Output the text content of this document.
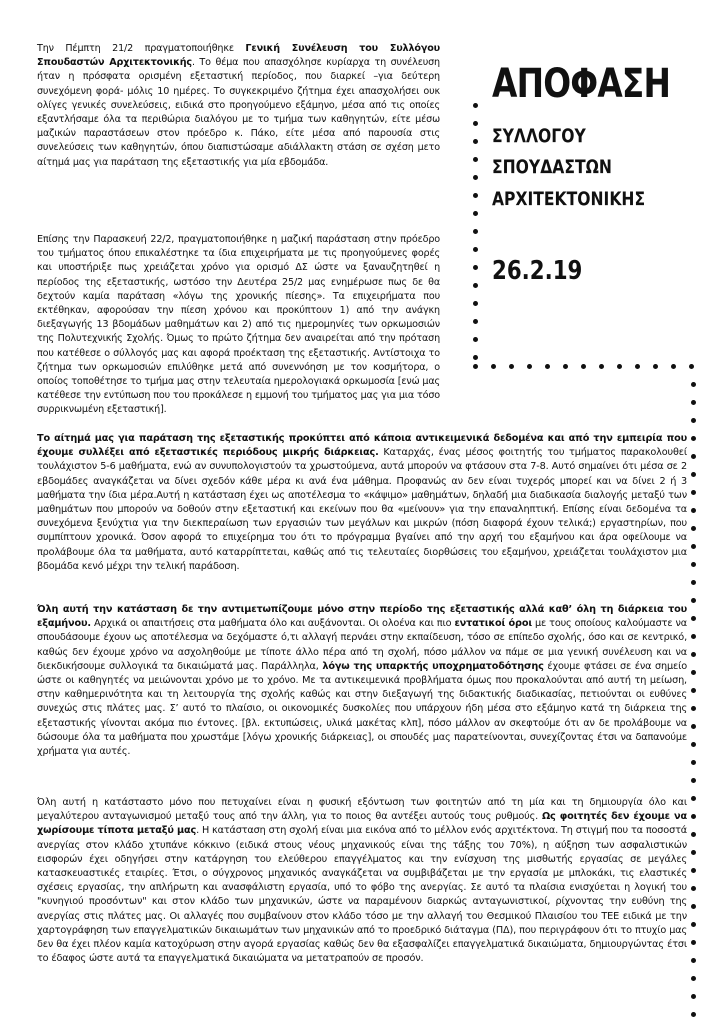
Την Πέμπτη 21/2 πραγματοποιήθηκε Γενική Συνέλευση του Συλλόγου Σπουδαστών Αρχιτεκτονικής. Το θέμα που απασχόλησε κυρίαρχα τη συνέλευση ήταν η πρόσφατα ορισμένη εξεταστική περίοδος, που διαρκεί –για δεύτερη συνεχόμενη φορά- μόλις 10 ημέρες. Το συγκεκριμένο ζήτημα έχει απασχολήσει ουκ ολίγες γενικές συνελεύσεις, ειδικά στο προηγούμενο εξάμηνο, μέσα από τις οποίες εξαντλήσαμε όλα τα περιθώρια διαλόγου με το τμήμα των καθηγητών, είτε μέσω μαζικών παραστάσεων στον πρόεδρο κ. Πάκο, είτε μέσα από παρουσία στις συνελεύσεις των καθηγητών, όπου διαπιστώσαμε αδιάλλακτη στάση σε σχέση μετο αίτημά μας για παράταση της εξεταστικής για μία εβδομάδα.

Επίσης την Παρασκευή 22/2, πραγματοποιήθηκε η μαζική παράσταση στην πρόεδρο του τμήματος όπου επικαλέστηκε τα ίδια επιχειρήματα με τις προηγούμενες φορές και υποστήριξε πως χρειάζεται χρόνο για ορισμό ΔΣ ώστε να ξαναυζητηθεί η περίοδος της εξεταστικής, ωστόσο την Δευτέρα 25/2 μας ενημέρωσε πως δε θα δεχτούν καμία παράταση «λόγω της χρονικής πίεσης». Τα επιχειρήματα που εκτέθηκαν, αφορούσαν την πίεση χρόνου και προκύπτουν 1) από την ανάγκη διεξαγωγής 13 βδομάδων μαθημάτων και 2) από τις ημερομηνίες των ορκωμοσιών της Πολυτεχνικής Σχολής. Όμως το πρώτο ζήτημα δεν αναιρείται από την πρόταση που κατέθεσε ο σύλλογός μας και αφορά προέκταση της εξεταστικής. Αντίστοιχα το ζήτημα των ορκωμοσιών επιλύθηκε μετά από συνεννόηση με τον κοσμήτορα, ο οποίος τοποθέτησε το τμήμα μας στην τελευταία ημερολογιακά ορκωμοσία [ενώ μας κατέθεσε την εντύπωση που του προκάλεσε η εμμονή του τμήματος μας για μια τόσο συρρικνωμένη εξεταστική].

ΑΠΟΦΑΣΗ
ΣΥΛΛΟΓΟΥ
ΣΠΟΥΔΑΣΤΩΝ
ΑΡΧΙΤΕΚΤΟΝΙΚΗΣ
26.2.19

Το αίτημά μας για παράταση της εξεταστικής προκύπτει από κάποια αντικειμενικά δεδομένα και από την εμπειρία που έχουμε συλλέξει από εξεταστικές περιόδους μικρής διάρκειας. Καταρχάς, ένας μέσος φοιτητής του τμήματος παρακολουθεί τουλάχιστον 5-6 μαθήματα, ενώ αν συνυπολογιστούν τα χρωστούμενα, αυτά μπορούν να φτάσουν στα 7-8. Αυτό σημαίνει ότι μέσα σε 2 εβδομάδες αναγκάζεται να δίνει σχεδόν κάθε μέρα κι ανά ένα μάθημα. Προφανώς αν δεν είναι τυχερός μπορεί και να δίνει 2 ή 3 μαθήματα την ίδια μέρα.Αυτή η κατάσταση έχει ως αποτέλεσμα το «κάψιμο» μαθημάτων, δηλαδή μια διαδικασία διαλογής μεταξύ των μαθημάτων που μπορούν να δοθούν στην εξεταστική και εκείνων που θα «μείνουν» για την επαναληπτική. Επίσης είναι δεδομένα τα συνεχόμενα ξενύχτια για την διεκπεραίωση των εργασιών των μεγάλων και μικρών (πόση διαφορά έχουν τελικά;) εργαστηρίων, που συμπίπτουν χρονικά. Όσον αφορά το επιχείρημα του ότι το πρόγραμμα βγαίνει από την αρχή του εξαμήνου και άρα οφείλουμε να προλάβουμε όλα τα μαθήματα, αυτό καταρρίπτεται, καθώς από τις τελευταίες διορθώσεις του εξαμήνου, χρειάζεται τουλάχιστον μια βδομάδα κενό μέχρι την τελική παράδοση.

Όλη αυτή την κατάσταση δε την αντιμετωπίζουμε μόνο στην περίοδο της εξεταστικής αλλά καθ’ όλη τη διάρκεια του εξαμήνου. Αρχικά οι απαιτήσεις στα μαθήματα όλο και αυξάνονται. Οι ολοένα και πιο εντατικοί όροι με τους οποίους καλούμαστε να σπουδάσουμε έχουν ως αποτέλεσμα να δεχόμαστε ό,τι αλλαγή περνάει στην εκπαίδευση, τόσο σε επίπεδο σχολής, όσο και σε κεντρικό, καθώς δεν έχουμε χρόνο να ασχοληθούμε με τίποτε άλλο πέρα από τη σχολή, πόσο μάλλον να πάμε σε μια γενική συνέλευση και να διεκδικήσουμε συλλογικά τα δικαιώματά μας. Παράλληλα, λόγω της υπαρκτής υποχρηματοδότησης έχουμε φτάσει σε ένα σημείο ώστε οι καθηγητές να μειώνονται χρόνο με το χρόνο. Με τα αντικειμενικά προβλήματα όμως που προκαλούνται από αυτή τη μείωση, στην καθημερινότητα και τη λειτουργία της σχολής καθώς και στην διεξαγωγή της διδακτικής διαδικασίας, πετιούνται οι ευθύνες συνεχώς στις πλάτες μας. Σ’ αυτό το πλαίσιο, οι οικονομικές δυσκολίες που υπάρχουν ήδη μέσα στο εξάμηνο κατά τη διάρκεια της εξεταστικής γίνονται ακόμα πιο έντονες. [βλ. εκτυπώσεις, υλικά μακέτας κλπ], πόσο μάλλον αν σκεφτούμε ότι αν δε προλάβουμε να δώσουμε όλα τα μαθήματα που χρωστάμε [λόγω χρονικής διάρκειας], οι σπουδές μας παρατείνονται, συνεχίζοντας έτσι να δαπανούμε χρήματα για αυτές.

Όλη αυτή η κατάσταστο μόνο που πετυχαίνει είναι η φυσική εξόντωση των φοιτητών από τη μία και τη δημιουργία όλο και μεγαλύτερου ανταγωνισμού μεταξύ τους από την άλλη, για το ποιος θα αντέξει αυτούς τους ρυθμούς. Ως φοιτητές δεν έχουμε να χωρίσουμε τίποτα μεταξύ μας. Η κατάσταση στη σχολή είναι μια εικόνα από το μέλλον ενός αρχιτέκτονα. Τη στιγμή που τα ποσοστά ανεργίας στον κλάδο χτυπάνε κόκκινο (ειδικά στους νέους μηχανικούς είναι της τάξης του 70%), η αύξηση των ασφαλιστικών εισφορών έχει οδηγήσει στην κατάργηση του ελεύθερου επαγγέλματος και την ενίσχυση της μισθωτής εργασίας σε μεγάλες κατασκευαστικές εταιρίες. Έτσι, ο σύγχρονος μηχανικός αναγκάζεται να συμβιβάζεται με την εργασία με μπλοκάκι, τις ελαστικές σχέσεις εργασίας, την απλήρωτη και ανασφάλιστη εργασία, υπό το φόβο της ανεργίας. Σε αυτό τα πλαίσια ενισχύεται η λογική του "κυνηγιού προσόντων" και στον κλάδο των μηχανικών, ώστε να παραμένουν διαρκώς ανταγωνιστικοί, ρίχνοντας την ευθύνη της ανεργίας στις πλάτες μας. Οι αλλαγές που συμβαίνουν στον κλάδο τόσο με την αλλαγή του Θεσμικού Πλαισίου του ΤΕΕ ειδικά με την χαρτογράφηση των επαγγελματικών δικαιωμάτων των μηχανικών από το προεδρικό διάταγμα (ΠΔ), που περιγράφουν ότι το πτυχίο μας δεν θα έχει πλέον καμία κατοχύρωση στην αγορά εργασίας καθώς δεν θα εξασφαλίζει επαγγελματικά δικαιώματα, δημιουργώντας έτσι το έδαφος ώστε αυτά τα επαγγελματικά δικαιώματα να μετατραπούν σε προσόν.
